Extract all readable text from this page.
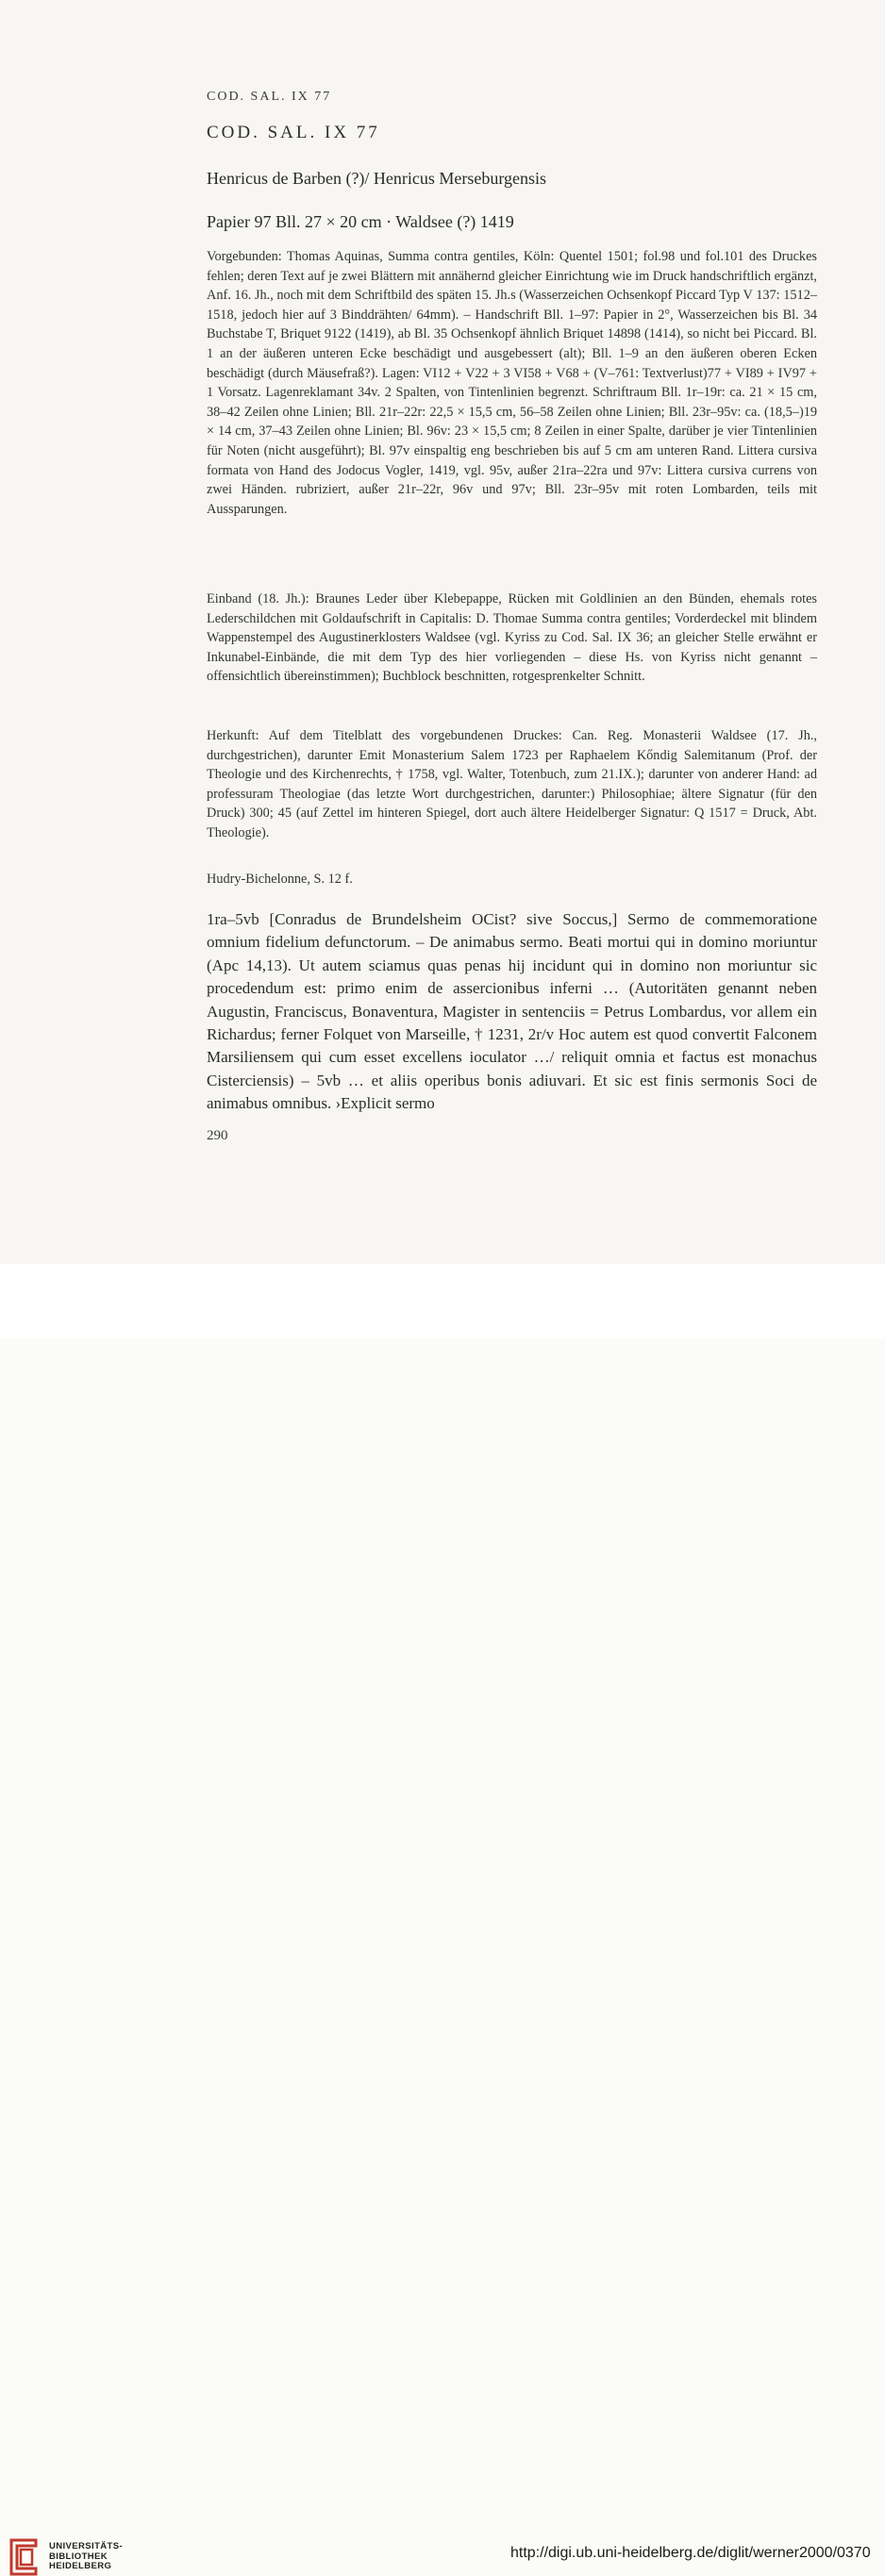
COD. SAL. IX 77
COD. SAL. IX 77
Henricus de Barben (?)/ Henricus Merseburgensis
Papier 97 Bll. 27 × 20 cm · Waldsee (?) 1419

Vorgebunden: Thomas Aquinas, Summa contra gentiles, Köln: Quentel 1501; fol.98 und fol.101 des Druckes fehlen; deren Text auf je zwei Blättern mit annähernd gleicher Einrichtung wie im Druck handschriftlich ergänzt, Anf. 16. Jh., noch mit dem Schriftbild des späten 15. Jh.s (Wasserzeichen Ochsenkopf Piccard Typ V 137: 1512–1518, jedoch hier auf 3 Binddrähten/ 64mm). – Handschrift Bll. 1–97: Papier in 2°, Wasserzeichen bis Bl. 34 Buchstabe T, Briquet 9122 (1419), ab Bl. 35 Ochsenkopf ähnlich Briquet 14898 (1414), so nicht bei Piccard. Bl. 1 an der äußeren unteren Ecke beschädigt und ausgebessert (alt); Bll. 1–9 an den äußeren oberen Ecken beschädigt (durch Mäusefraß?). Lagen: VI12 + V22 + 3 VI58 + V68 + (V–761: Textverlust)77 + VI89 + IV97 + 1 Vorsatz. Lagenreklamant 34v. 2 Spalten, von Tintenlinien begrenzt. Schriftraum Bll. 1r–19r: ca. 21 × 15 cm, 38–42 Zeilen ohne Linien; Bll. 21r–22r: 22,5 × 15,5 cm, 56–58 Zeilen ohne Linien; Bll. 23r–95v: ca. (18,5–)19 × 14 cm, 37–43 Zeilen ohne Linien; Bl. 96v: 23 × 15,5 cm; 8 Zeilen in einer Spalte, darüber je vier Tintenlinien für Noten (nicht ausgeführt); Bl. 97v einspaltig eng beschrieben bis auf 5 cm am unteren Rand. Littera cursiva formata von Hand des Jodocus Vogler, 1419, vgl. 95v, außer 21ra–22ra und 97v: Littera cursiva currens von zwei Händen. rubriziert, außer 21r–22r, 96v und 97v; Bll. 23r–95v mit roten Lombarden, teils mit Aussparungen.

Einband (18. Jh.): Braunes Leder über Klebepappe, Rücken mit Goldlinien an den Bünden, ehemals rotes Lederschildchen mit Goldaufschrift in Capitalis: D. Thomae Summa contra gentiles; Vorderdeckel mit blindem Wappenstempel des Augustinerklosters Waldsee (vgl. Kyriss zu Cod. Sal. IX 36; an gleicher Stelle erwähnt er Inkunabel-Einbände, die mit dem Typ des hier vorliegenden – diese Hs. von Kyriss nicht genannt – offensichtlich übereinstimmen); Buchblock beschnitten, rotgesprenkelter Schnitt.

Herkunft: Auf dem Titelblatt des vorgebundenen Druckes: Can. Reg. Monasterii Waldsee (17. Jh., durchgestrichen), darunter Emit Monasterium Salem 1723 per Raphaelem Kőndig Salemitanum (Prof. der Theologie und des Kirchenrechts, † 1758, vgl. Walter, Totenbuch, zum 21.IX.); darunter von anderer Hand: ad professuram Theologiae (das letzte Wort durchgestrichen, darunter:) Philosophiae; ältere Signatur (für den Druck) 300; 45 (auf Zettel im hinteren Spiegel, dort auch ältere Heidelberger Signatur: Q 1517 = Druck, Abt. Theologie).

Hudry-Bichelonne, S. 12 f.

1ra–5vb [Conradus de Brundelsheim OCist? sive Soccus,] Sermo de commemoratione omnium fidelium defunctorum. – De animabus sermo. Beati mortui qui in domino moriuntur (Apc 14,13). Ut autem sciamus quas penas hij incidunt qui in domino non moriuntur sic procedendum est: primo enim de assercionibus inferni … (Autoritäten genannt neben Augustin, Franciscus, Bonaventura, Magister in sentenciis = Petrus Lombardus, vor allem ein Richardus; ferner Folquet von Marseille, † 1231, 2r/v Hoc autem est quod convertit Falconem Marsiliensem qui cum esset excellens ioculator …/ reliquit omnia et factus est monachus Cisterciensis) – 5vb … et aliis operibus bonis adiuvari. Et sic est finis sermonis Soci de animabus omnibus. ›Explicit sermo

290
UNIVERSITÄTS-
BIBLIOTHEK
HEIDELBERG
http://digi.ub.uni-heidelberg.de/diglit/werner2000/0370
